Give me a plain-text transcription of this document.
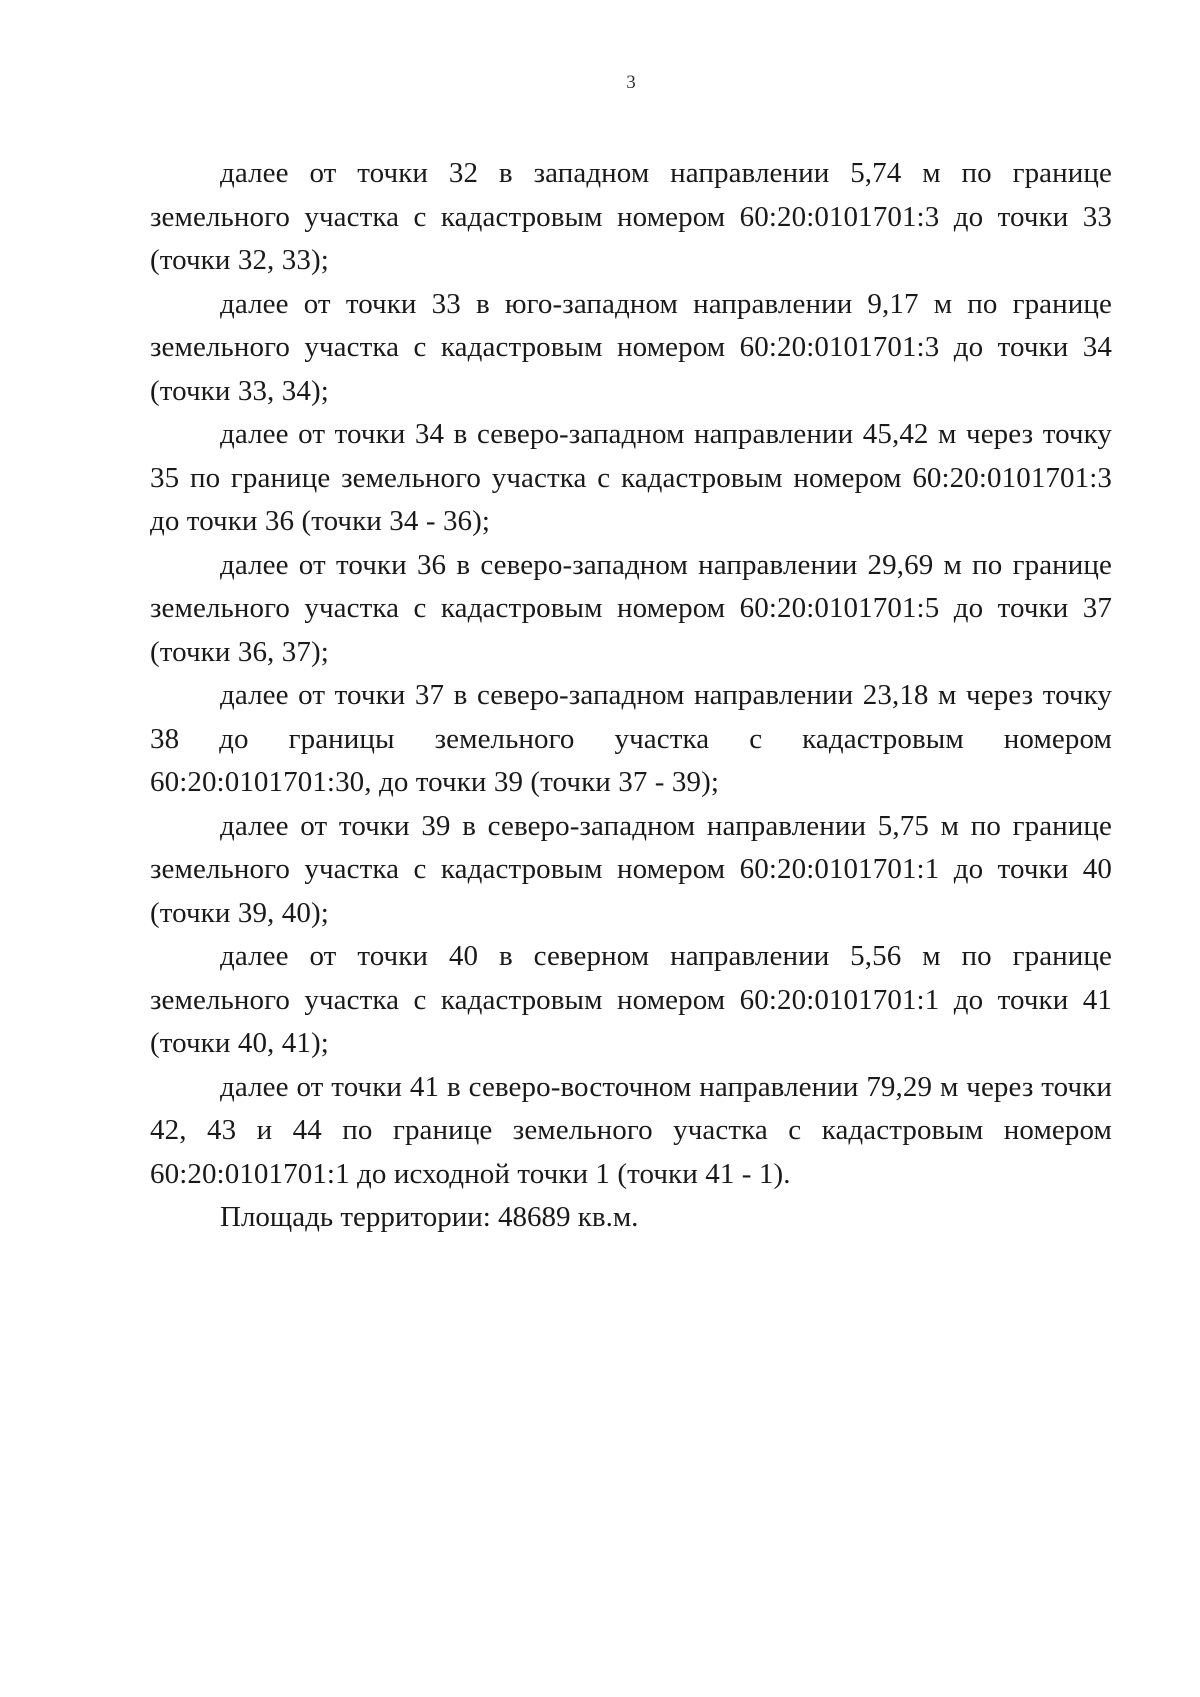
3

далее от точки 32 в западном направлении 5,74 м по границе земельного участка с кадастровым номером 60:20:0101701:3 до точки 33 (точки 32, 33);

далее от точки 33 в юго-западном направлении 9,17 м по границе земельного участка с кадастровым номером 60:20:0101701:3 до точки 34 (точки 33, 34);

далее от точки 34 в северо-западном направлении 45,42 м через точку 35 по границе земельного участка с кадастровым номером 60:20:0101701:3 до точки 36 (точки 34 - 36);

далее от точки 36 в северо-западном направлении 29,69 м по границе земельного участка с кадастровым номером 60:20:0101701:5 до точки 37 (точки 36, 37);

далее от точки 37 в северо-западном направлении 23,18 м через точку 38 до границы земельного участка с кадастровым номером 60:20:0101701:30, до точки 39 (точки 37 - 39);

далее от точки 39 в северо-западном направлении 5,75 м по границе земельного участка с кадастровым номером 60:20:0101701:1 до точки 40 (точки 39, 40);

далее от точки 40 в северном направлении 5,56 м по границе земельного участка с кадастровым номером 60:20:0101701:1 до точки 41 (точки 40, 41);

далее от точки 41 в северо-восточном направлении 79,29 м через точки 42, 43 и 44 по границе земельного участка с кадастровым номером 60:20:0101701:1 до исходной точки 1 (точки 41 - 1).

Площадь территории: 48689 кв.м.
